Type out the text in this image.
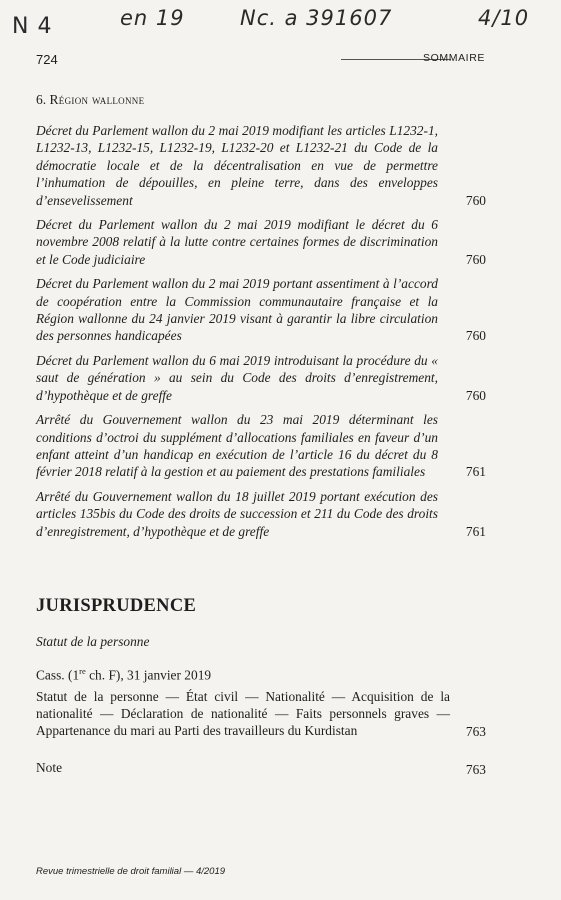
N 4	en 19	Nc. a 391607	4/10
724	SOMMAIRE
6. Région wallonne
Décret du Parlement wallon du 2 mai 2019 modifiant les articles L1232-1, L1232-13, L1232-15, L1232-19, L1232-20 et L1232-21 du Code de la démocratie locale et de la décentralisation en vue de permettre l’inhumation de dépouilles, en pleine terre, dans des enveloppes d’ensevelissement	760
Décret du Parlement wallon du 2 mai 2019 modifiant le décret du 6 novembre 2008 relatif à la lutte contre certaines formes de discrimination et le Code judiciaire	760
Décret du Parlement wallon du 2 mai 2019 portant assentiment à l’accord de coopération entre la Commission communautaire française et la Région wallonne du 24 janvier 2019 visant à garantir la libre circulation des personnes handicapées	760
Décret du Parlement wallon du 6 mai 2019 introduisant la procédure du « saut de génération » au sein du Code des droits d’enregistrement, d’hypothèque et de greffe	760
Arrêté du Gouvernement wallon du 23 mai 2019 déterminant les conditions d’octroi du supplément d’allocations familiales en faveur d’un enfant atteint d’un handicap en exécution de l’article 16 du décret du 8 février 2018 relatif à la gestion et au paiement des prestations familiales	761
Arrêté du Gouvernement wallon du 18 juillet 2019 portant exécution des articles 135bis du Code des droits de succession et 211 du Code des droits d’enregistrement, d’hypothèque et de greffe	761
JURISPRUDENCE
Statut de la personne
Cass. (1re ch. F), 31 janvier 2019
Statut de la personne — État civil — Nationalité — Acquisition de la nationalité — Déclaration de nationalité — Faits personnels graves — Appartenance du mari au Parti des travailleurs du Kurdistan	763
Note	763
Revue trimestrielle de droit familial — 4/2019
